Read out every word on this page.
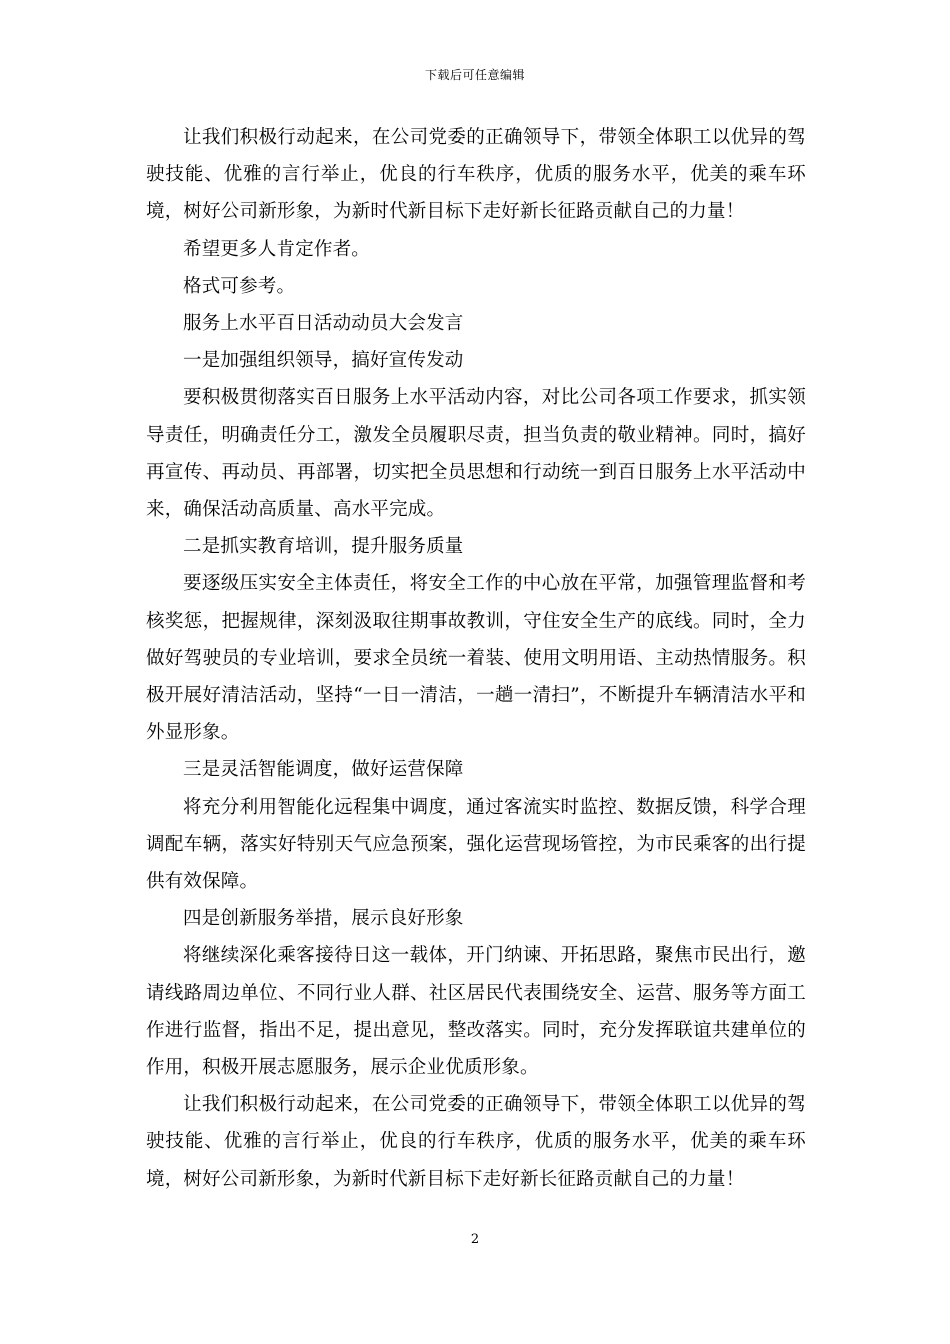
下载后可任意编辑

让我们积极行动起来，在公司党委的正确领导下，带领全体职工以优异的驾驶技能、优雅的言行举止，优良的行车秩序，优质的服务水平，优美的乘车环境，树好公司新形象，为新时代新目标下走好新长征路贡献自己的力量！

希望更多人肯定作者。

格式可参考。

服务上水平百日活动动员大会发言

一是加强组织领导，搞好宣传发动

要积极贯彻落实百日服务上水平活动内容，对比公司各项工作要求，抓实领导责任，明确责任分工，激发全员履职尽责，担当负责的敬业精神。同时，搞好再宣传、再动员、再部署，切实把全员思想和行动统一到百日服务上水平活动中来，确保活动高质量、高水平完成。

二是抓实教育培训，提升服务质量

要逐级压实安全主体责任，将安全工作的中心放在平常，加强管理监督和考核奖惩，把握规律，深刻汲取往期事故教训，守住安全生产的底线。同时，全力做好驾驶员的专业培训，要求全员统一着装、使用文明用语、主动热情服务。积极开展好清洁活动，坚持“一日一清洁，一趟一清扫”，不断提升车辆清洁水平和外显形象。

三是灵活智能调度，做好运营保障

将充分利用智能化远程集中调度，通过客流实时监控、数据反馈，科学合理调配车辆，落实好特别天气应急预案，强化运营现场管控，为市民乘客的出行提供有效保障。

四是创新服务举措，展示良好形象

将继续深化乘客接待日这一载体，开门纳谏、开拓思路，聚焦市民出行，邀请线路周边单位、不同行业人群、社区居民代表围绕安全、运营、服务等方面工作进行监督，指出不足，提出意见，整改落实。同时，充分发挥联谊共建单位的作用，积极开展志愿服务，展示企业优质形象。

让我们积极行动起来，在公司党委的正确领导下，带领全体职工以优异的驾驶技能、优雅的言行举止，优良的行车秩序，优质的服务水平，优美的乘车环境，树好公司新形象，为新时代新目标下走好新长征路贡献自己的力量！

2
